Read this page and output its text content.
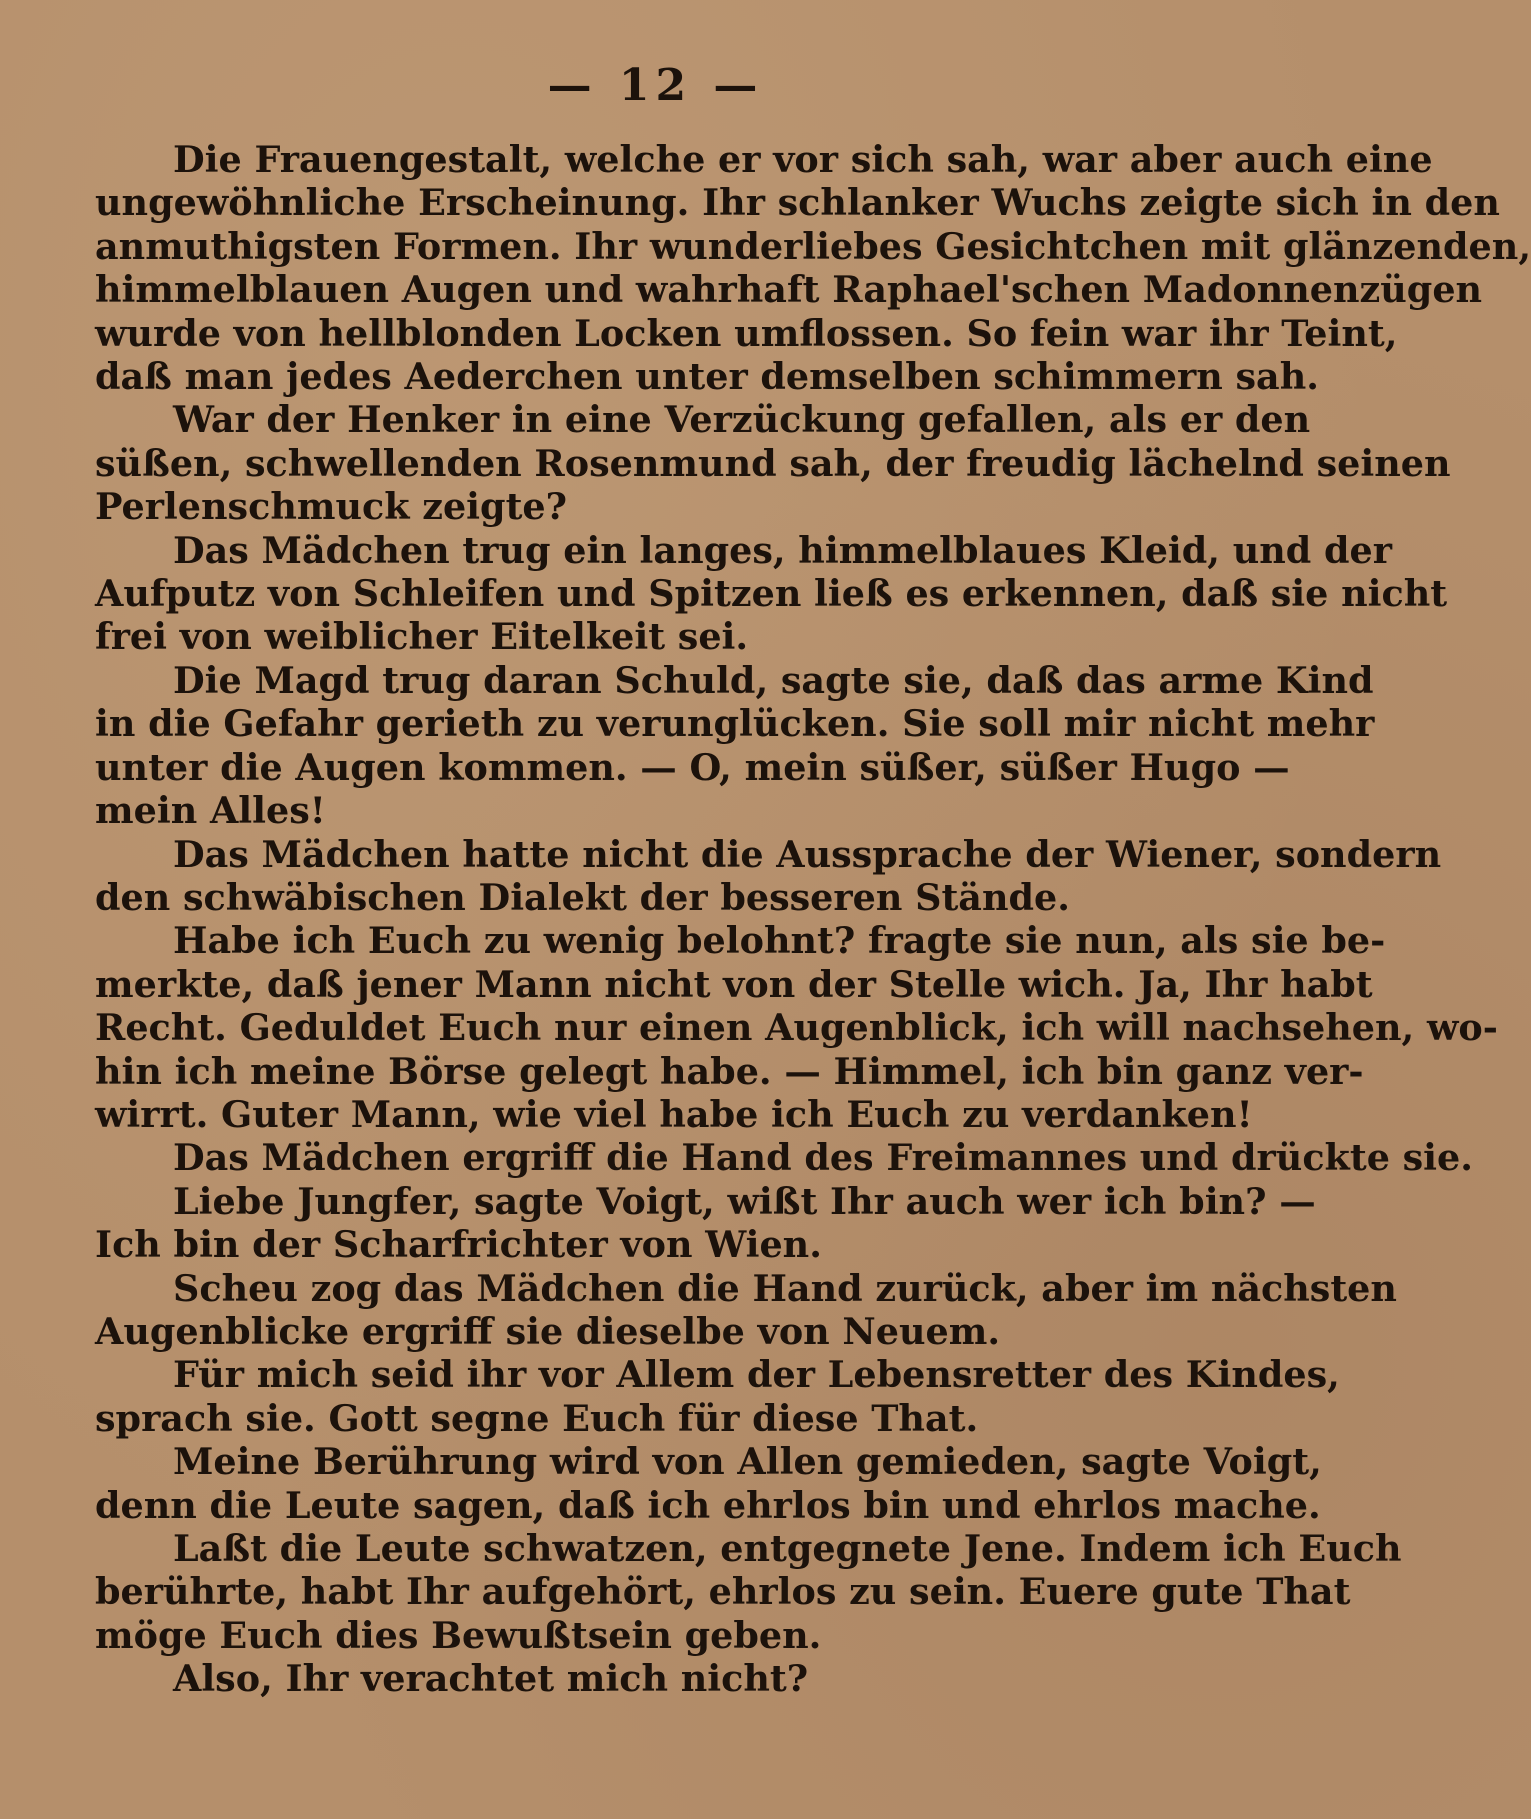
— 12 —
Die Frauengestalt, welche er vor sich sah, war aber auch eine
ungewöhnliche Erscheinung. Ihr schlanker Wuchs zeigte sich in den
anmuthigsten Formen. Ihr wunderliebes Gesichtchen mit glänzenden,
himmelblauen Augen und wahrhaft Raphael'schen Madonnenzügen
wurde von hellblonden Locken umflossen. So fein war ihr Teint,
daß man jedes Aederchen unter demselben schimmern sah.
War der Henker in eine Verzückung gefallen, als er den
süßen, schwellenden Rosenmund sah, der freudig lächelnd seinen
Perlenschmuck zeigte?
Das Mädchen trug ein langes, himmelblaues Kleid, und der
Aufputz von Schleifen und Spitzen ließ es erkennen, daß sie nicht
frei von weiblicher Eitelkeit sei.
Die Magd trug daran Schuld, sagte sie, daß das arme Kind
in die Gefahr gerieth zu verunglücken. Sie soll mir nicht mehr
unter die Augen kommen. — O, mein süßer, süßer Hugo —
mein Alles!
Das Mädchen hatte nicht die Aussprache der Wiener, sondern
den schwäbischen Dialekt der besseren Stände.
Habe ich Euch zu wenig belohnt? fragte sie nun, als sie be-
merkte, daß jener Mann nicht von der Stelle wich. Ja, Ihr habt
Recht. Geduldet Euch nur einen Augenblick, ich will nachsehen, wo-
hin ich meine Börse gelegt habe. — Himmel, ich bin ganz ver-
wirrt. Guter Mann, wie viel habe ich Euch zu verdanken!
Das Mädchen ergriff die Hand des Freimannes und drückte sie.
Liebe Jungfer, sagte Voigt, wißt Ihr auch wer ich bin? —
Ich bin der Scharfrichter von Wien.
Scheu zog das Mädchen die Hand zurück, aber im nächsten
Augenblicke ergriff sie dieselbe von Neuem.
Für mich seid ihr vor Allem der Lebensretter des Kindes,
sprach sie. Gott segne Euch für diese That.
Meine Berührung wird von Allen gemieden, sagte Voigt,
denn die Leute sagen, daß ich ehrlos bin und ehrlos mache.
Laßt die Leute schwatzen, entgegnete Jene. Indem ich Euch
berührte, habt Ihr aufgehört, ehrlos zu sein. Euere gute That
möge Euch dies Bewußtsein geben.
Also, Ihr verachtet mich nicht?
